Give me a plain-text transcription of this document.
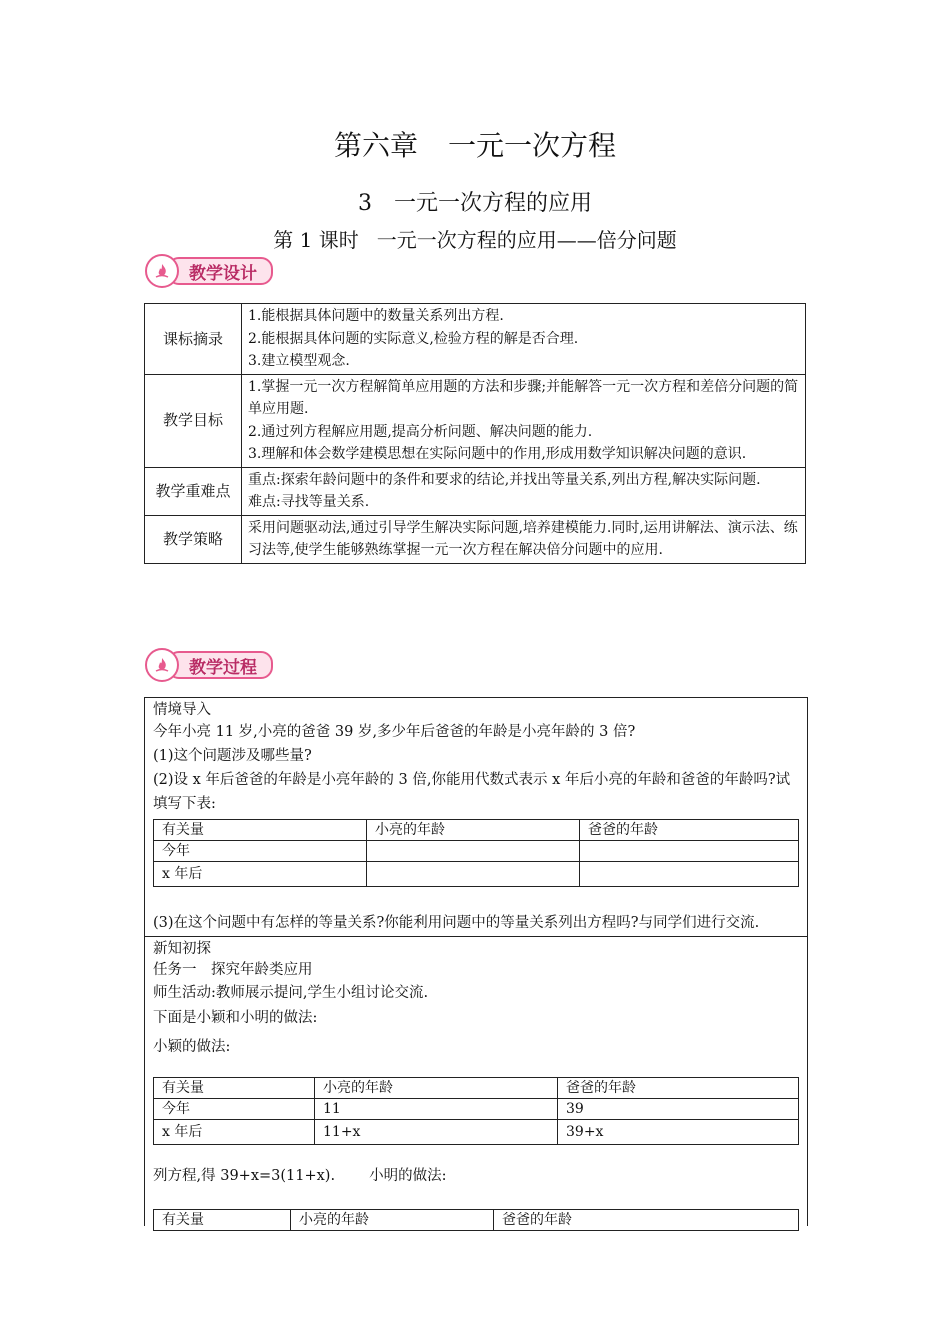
第六章 一元一次方程
3 一元一次方程的应用
第 1 课时 一元一次方程的应用——倍分问题
教学设计
课标摘录	1.能根据具体问题中的数量关系列出方程.
2.能根据具体问题的实际意义,检验方程的解是否合理.
3.建立模型观念.

教学目标	1.掌握一元一次方程解简单应用题的方法和步骤;并能解答一元一次方程和差倍分问题的简单应用题.
2.通过列方程解应用题,提高分析问题、解决问题的能力.
3.理解和体会数学建模思想在实际问题中的作用,形成用数学知识解决问题的意识.

教学重难点	重点:探索年龄问题中的条件和要求的结论,并找出等量关系,列出方程,解决实际问题.
难点:寻找等量关系.

教学策略	采用问题驱动法,通过引导学生解决实际问题,培养建模能力.同时,运用讲解法、演示法、练习法等,使学生能够熟练掌握一元一次方程在解决倍分问题中的应用.
教学过程

情境导入

今年小亮 11 岁,小亮的爸爸 39 岁,多少年后爸爸的年龄是小亮年龄的 3 倍?

(1)这个问题涉及哪些量?

(2)设 x 年后爸爸的年龄是小亮年龄的 3 倍,你能用代数式表示 x 年后小亮的年龄和爸爸的年龄吗?试填写下表:

有关量	小亮的年龄	爸爸的年龄
今年		
x 年后		

(3)在这个问题中有怎样的等量关系?你能利用问题中的等量关系列出方程吗?与同学们进行交流.

新知初探

任务一　探究年龄类应用

师生活动:教师展示提问,学生小组讨论交流.

下面是小颖和小明的做法:

小颖的做法:

有关量	小亮的年龄	爸爸的年龄
今年	11	39
x 年后	11+x	39+x

列方程,得 39+x=3(11+x). 小明的做法:

有关量	小亮的年龄	爸爸的年龄
